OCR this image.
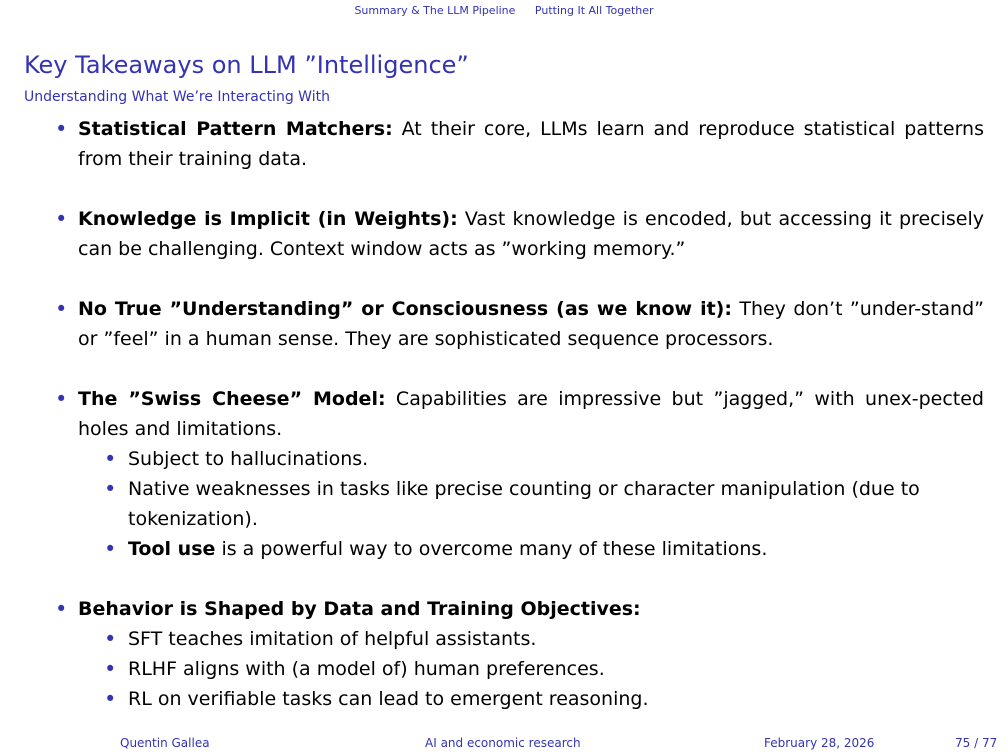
Summary & The LLM Pipeline Putting It All Together
Key Takeaways on LLM ”Intelligence”
Understanding What We’re Interacting With
• Statistical Pattern Matchers: At their core, LLMs learn and reproduce statistical patterns from their training data.
• Knowledge is Implicit (in Weights): Vast knowledge is encoded, but accessing it precisely can be challenging. Context window acts as ”working memory.”
• No True ”Understanding” or Consciousness (as we know it): They don’t ”under-stand” or ”feel” in a human sense. They are sophisticated sequence processors.
• The ”Swiss Cheese” Model: Capabilities are impressive but ”jagged,” with unex-pected holes and limitations.
• Subject to hallucinations.
• Native weaknesses in tasks like precise counting or character manipulation (due to tokenization).
• Tool use is a powerful way to overcome many of these limitations.
• Behavior is Shaped by Data and Training Objectives:
• SFT teaches imitation of helpful assistants.
• RLHF aligns with (a model of) human preferences.
• RL on verifiable tasks can lead to emergent reasoning.
Quentin Gallea	AI and economic research	February 28, 2026	75 / 77
